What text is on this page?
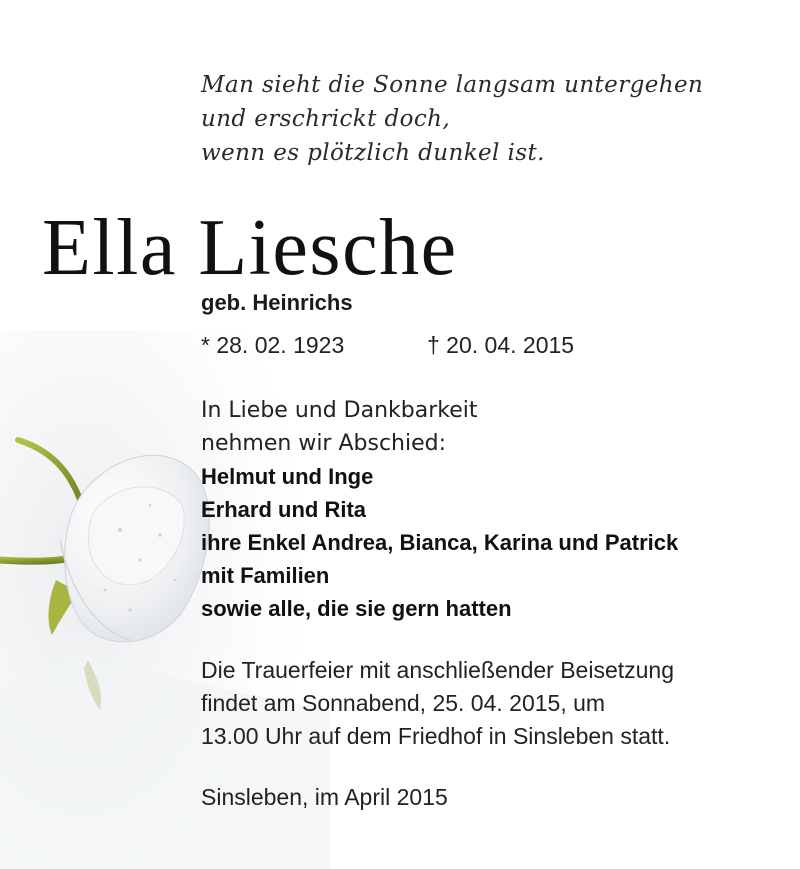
Man sieht die Sonne langsam untergehen
und erschrickt doch,
wenn es plötzlich dunkel ist.
Ella Liesche
geb. Heinrichs
* 28. 02. 1923	† 20. 04. 2015
In Liebe und Dankbarkeit
nehmen wir Abschied:
Helmut und Inge
Erhard und Rita
ihre Enkel Andrea, Bianca, Karina und Patrick
mit Familien
sowie alle, die sie gern hatten
Die Trauerfeier mit anschließender Beisetzung
findet am Sonnabend, 25. 04. 2015, um
13.00 Uhr auf dem Friedhof in Sinsleben statt.
Sinsleben, im April 2015
